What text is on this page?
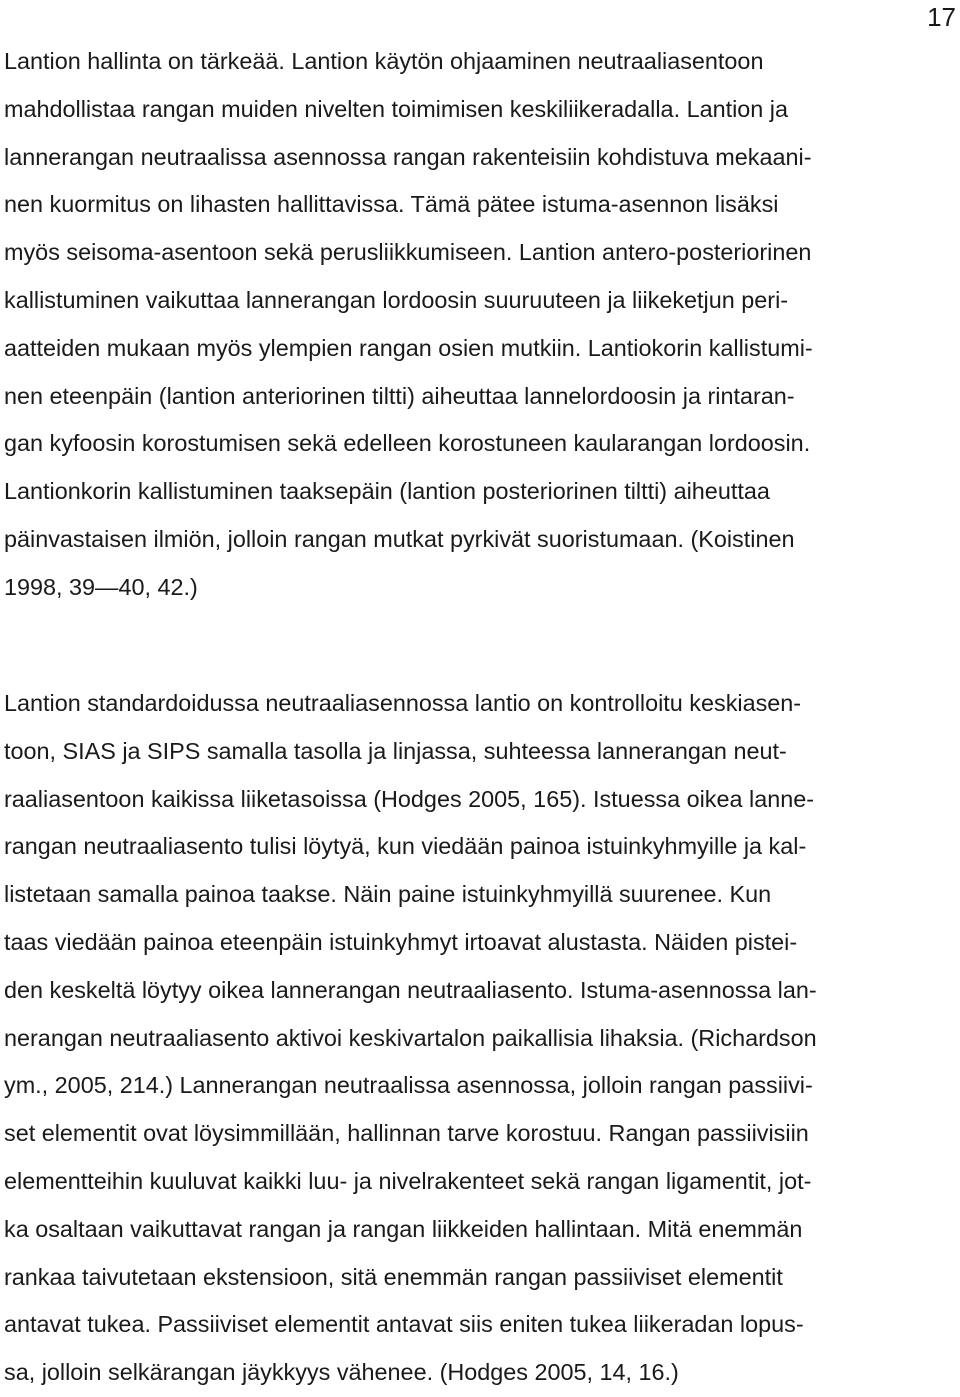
17
Lantion hallinta on tärkeää. Lantion käytön ohjaaminen neutraaliasentoon
mahdollistaa rangan muiden nivelten toimimisen keskiliikeradalla. Lantion ja
lannerangan neutraalissa asennossa rangan rakenteisiin kohdistuva mekaani-
nen kuormitus on lihasten hallittavissa. Tämä pätee istuma-asennon lisäksi
myös seisoma-asentoon sekä perusliikkumiseen. Lantion antero-posteriorinen
kallistuminen vaikuttaa lannerangan lordoosin suuruuteen ja liikeketjun peri-
aatteiden mukaan myös ylempien rangan osien mutkiin. Lantiokorin kallistumi-
nen eteenpäin (lantion anteriorinen tiltti) aiheuttaa lannelordoosin ja rintaran-
gan kyfoosin korostumisen sekä edelleen korostuneen kaularangan lordoosin.
Lantionkorin kallistuminen taaksepäin (lantion posteriorinen tiltti) aiheuttaa
päinvastaisen ilmiön, jolloin rangan mutkat pyrkivät suoristumaan. (Koistinen
1998, 39—40, 42.)
Lantion standardoidussa neutraaliasennossa lantio on kontrolloitu keskiasen-
toon, SIAS ja SIPS samalla tasolla ja linjassa, suhteessa lannerangan neut-
raaliasentoon kaikissa liiketasoissa (Hodges 2005, 165). Istuessa oikea lanne-
rangan neutraaliasento tulisi löytyä, kun viedään painoa istuinkyhmyille ja kal-
listetaan samalla painoa taakse. Näin paine istuinkyhmyillä suurenee. Kun
taas viedään painoa eteenpäin istuinkyhmyt irtoavat alustasta. Näiden pistei-
den keskeltä löytyy oikea lannerangan neutraaliasento. Istuma-asennossa lan-
nerangan neutraaliasento aktivoi keskivartalon paikallisia lihaksia. (Richardson
ym., 2005, 214.) Lannerangan neutraalissa asennossa, jolloin rangan passiivi-
set elementit ovat löysimmillään, hallinnan tarve korostuu. Rangan passiivisiin
elementteihin kuuluvat kaikki luu- ja nivelrakenteet sekä rangan ligamentit, jot-
ka osaltaan vaikuttavat rangan ja rangan liikkeiden hallintaan. Mitä enemmän
rankaa taivutetaan ekstensioon, sitä enemmän rangan passiiviset elementit
antavat tukea. Passiiviset elementit antavat siis eniten tukea liikeradan lopus-
sa, jolloin selkärangan jäykkyys vähenee. (Hodges 2005, 14, 16.)
